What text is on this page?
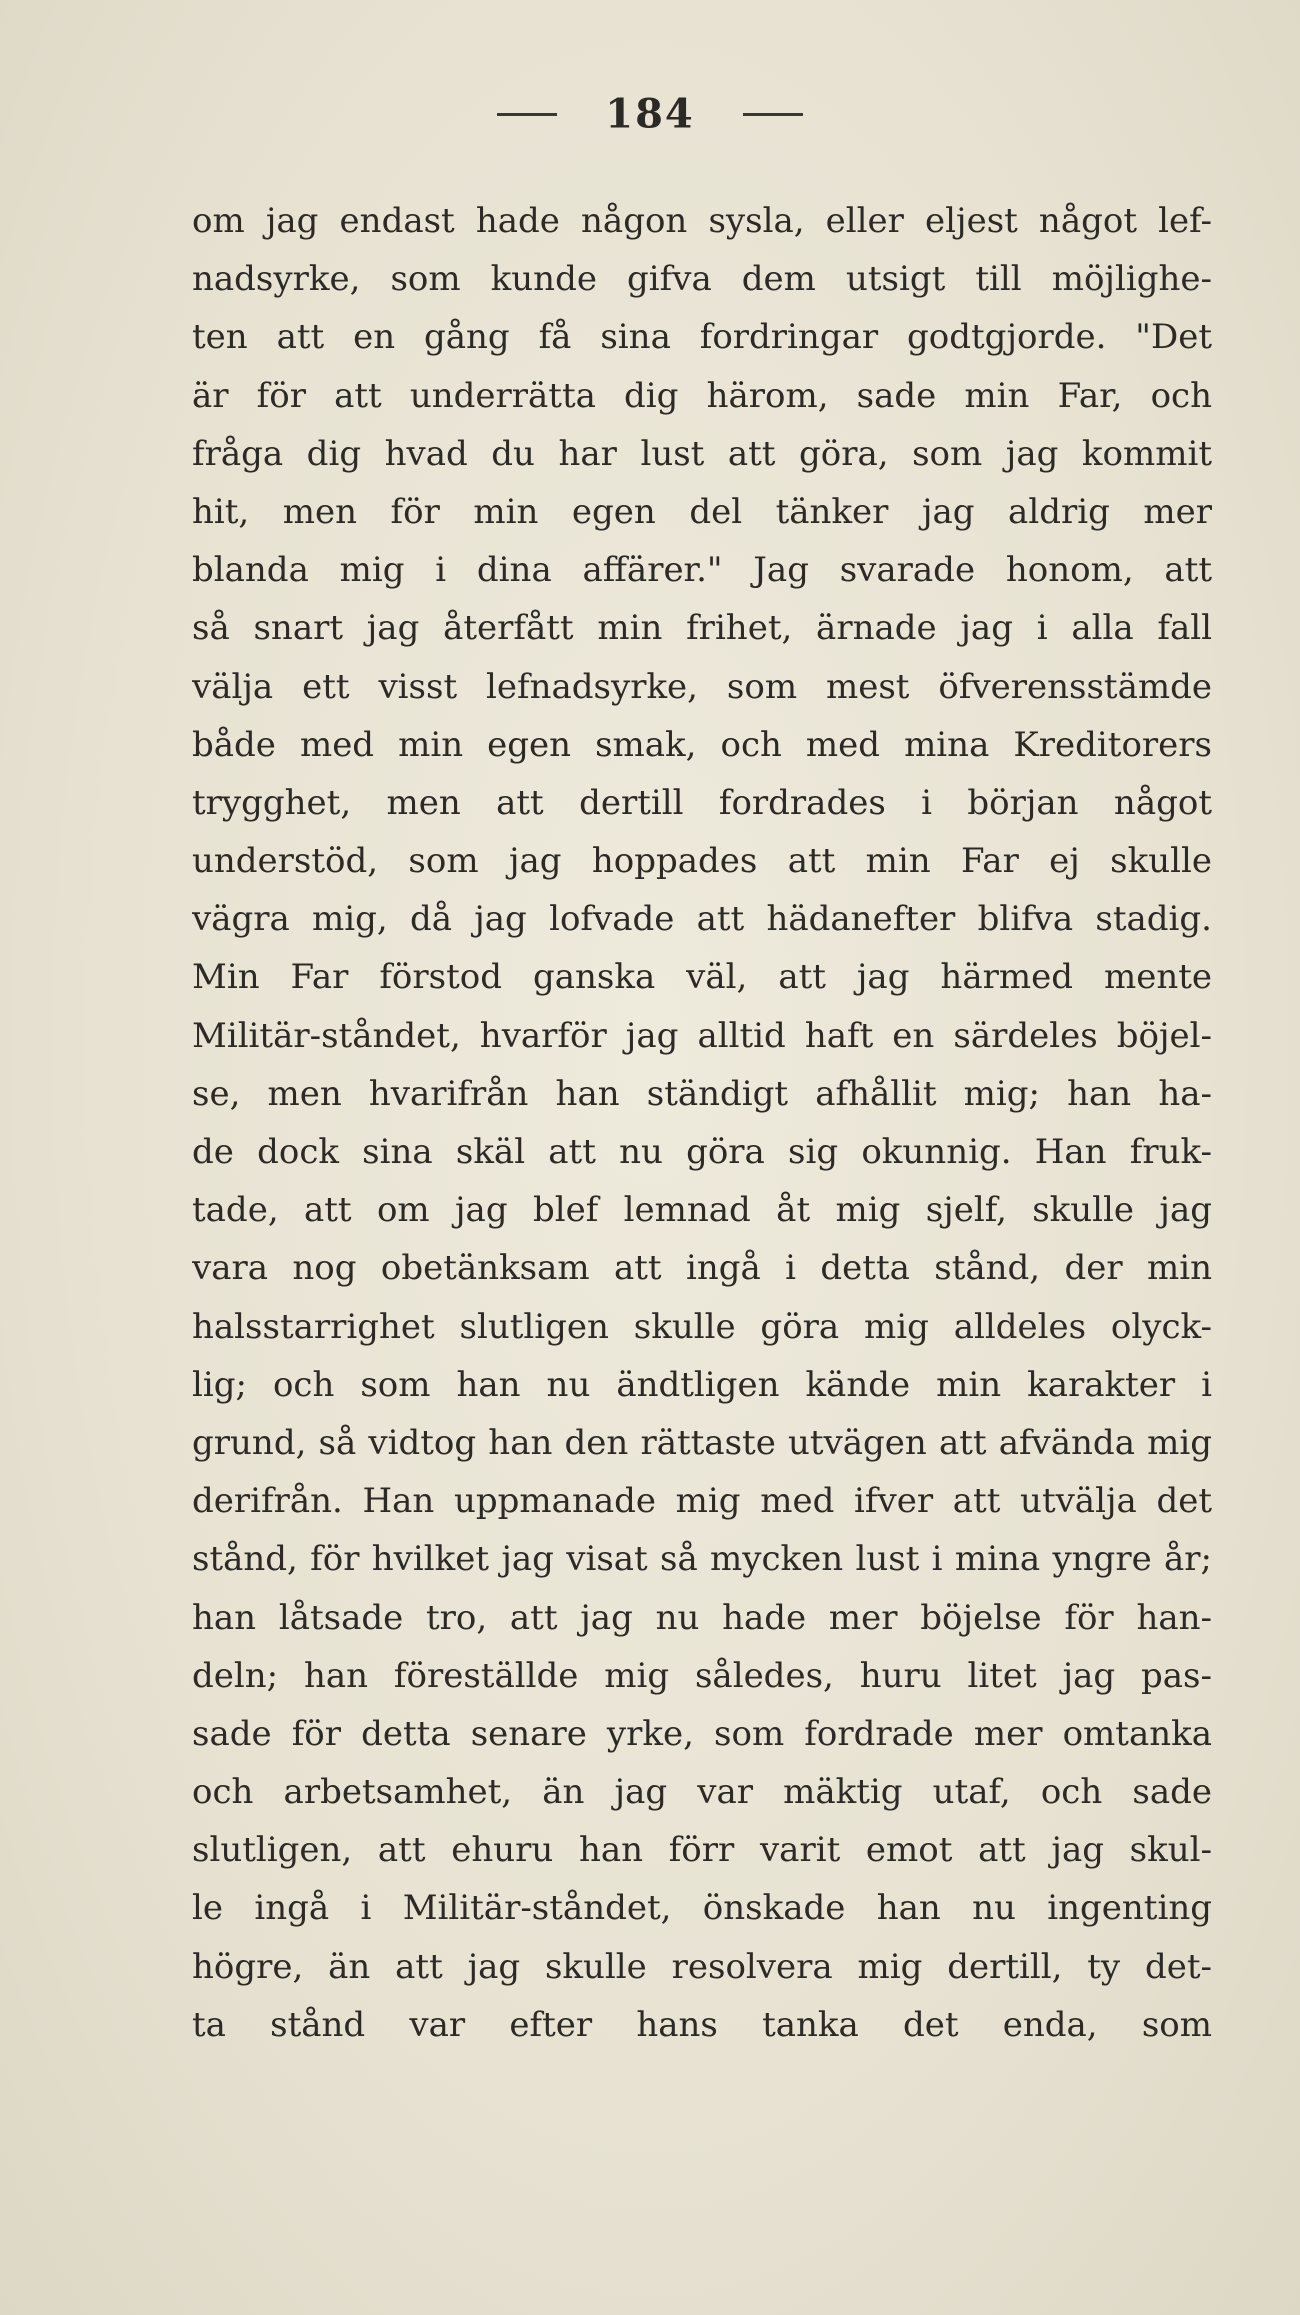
184
om jag endast hade någon sysla, eller eljest något lef-
nadsyrke, som kunde gifva dem utsigt till möjlighe-
ten att en gång få sina fordringar godtgjorde. "Det
är för att underrätta dig härom, sade min Far, och
fråga dig hvad du har lust att göra, som jag kommit
hit, men för min egen del tänker jag aldrig mer
blanda mig i dina affärer." Jag svarade honom, att
så snart jag återfått min frihet, ärnade jag i alla fall
välja ett visst lefnadsyrke, som mest öfverensstämde
både med min egen smak, och med mina Kreditorers
trygghet, men att dertill fordrades i början något
understöd, som jag hoppades att min Far ej skulle
vägra mig, då jag lofvade att hädanefter blifva stadig.
Min Far förstod ganska väl, att jag härmed mente
Militär-ståndet, hvarför jag alltid haft en särdeles böjel-
se, men hvarifrån han ständigt afhållit mig; han ha-
de dock sina skäl att nu göra sig okunnig. Han fruk-
tade, att om jag blef lemnad åt mig sjelf, skulle jag
vara nog obetänksam att ingå i detta stånd, der min
halsstarrighet slutligen skulle göra mig alldeles olyck-
lig; och som han nu ändtligen kände min karakter i
grund, så vidtog han den rättaste utvägen att afvända mig
derifrån. Han uppmanade mig med ifver att utvälja det
stånd, för hvilket jag visat så mycken lust i mina yngre år;
han låtsade tro, att jag nu hade mer böjelse för han-
deln; han föreställde mig således, huru litet jag pas-
sade för detta senare yrke, som fordrade mer omtanka
och arbetsamhet, än jag var mäktig utaf, och sade
slutligen, att ehuru han förr varit emot att jag skul-
le ingå i Militär-ståndet, önskade han nu ingenting
högre, än att jag skulle resolvera mig dertill, ty det-
ta stånd var efter hans tanka det enda, som
